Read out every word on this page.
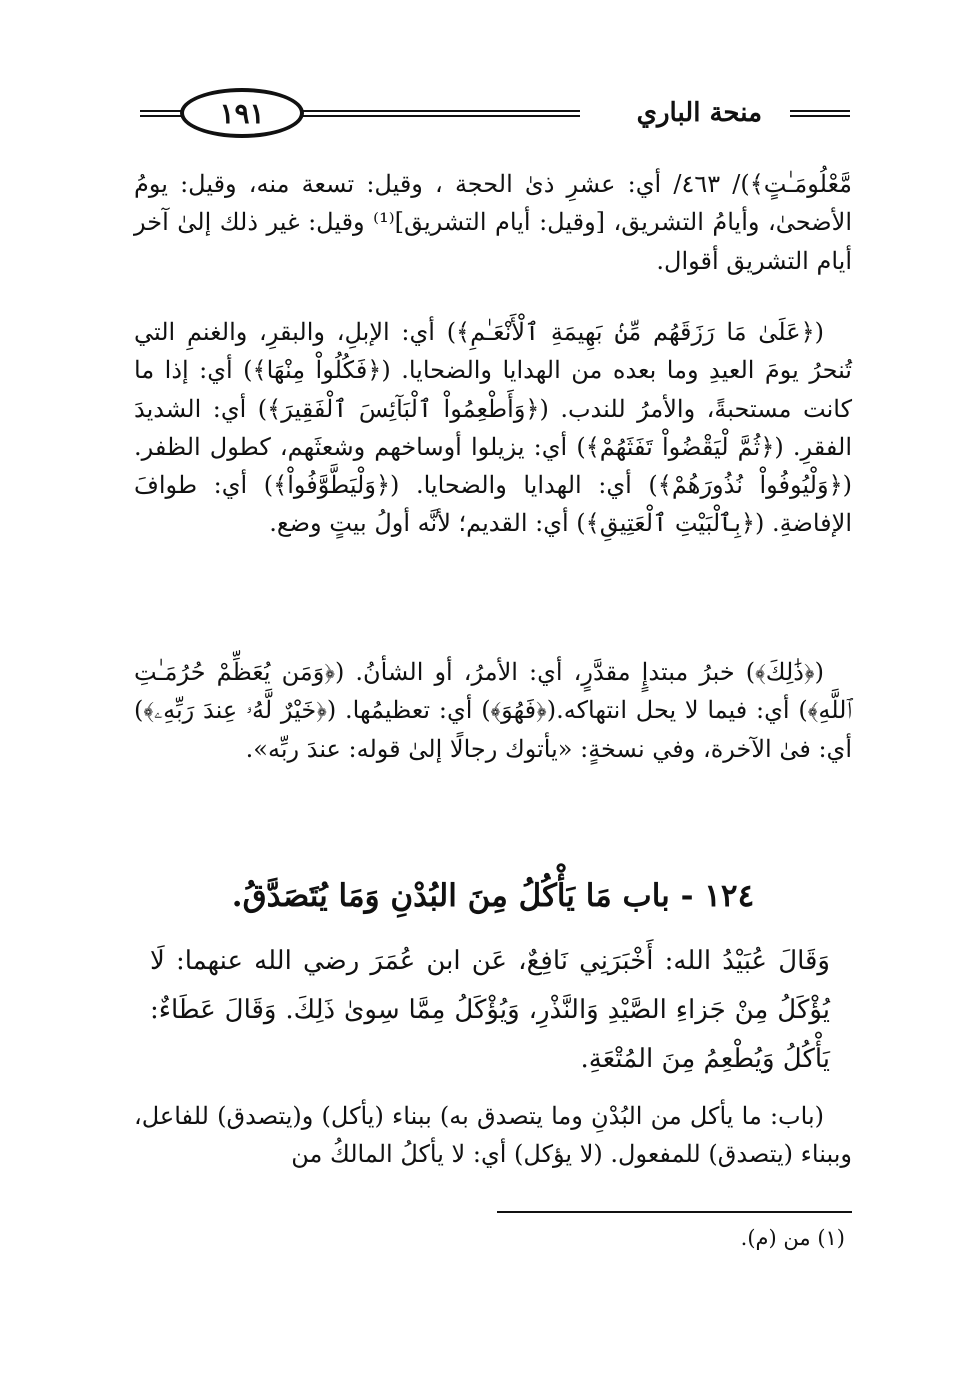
منحة الباري
١٩١

مَّعْلُومَـٰتٍ﴾)/ ٤٦٣/ أي: عشرِ ذىٰ الحجة ، وقيل: تسعة منه، وقيل: يومُ الأضحىٰ، وأيامُ التشريق، [وقيل: أيام التشريق]⁽¹⁾ وقيل: غير ذلك إلىٰ آخر أيام التشريق أقوال.

(﴿عَلَىٰ مَا رَزَقَهُم مِّنۢ بَهِيمَةِ ٱلْأَنْعَـٰمِ﴾) أي: الإبلِ، والبقرِ، والغنمِ التي تُنحرُ يومَ العيدِ وما بعده من الهدايا والضحايا. (﴿فَكُلُواْ مِنْهَا﴾) أي: إذا ما كانت مستحبةً، والأمرُ للندب. (﴿وَأَطْعِمُواْ ٱلْبَآئِسَ ٱلْفَقِيرَ﴾) أي: الشديدَ الفقرِ. (﴿ثُمَّ لْيَقْضُواْ تَفَثَهُمْ﴾) أي: يزيلوا أوساخهم وشعثَهم، كطول الظفر. (﴿وَلْيُوفُواْ نُذُورَهُمْ﴾) أي: الهدايا والضحايا. (﴿وَلْيَطَّوَّفُواْ﴾) أي: طوافَ الإفاضةِ. (﴿بِٱلْبَيْتِ ٱلْعَتِيقِ﴾) أي: القديم؛ لأنَّه أولُ بيتٍ وضع.

(﴿ذَٰلِكَ﴾) خبرُ مبتدإٍ مقدَّرٍ، أي: الأمرُ، أو الشأنُ. (﴿وَمَن يُعَظِّمْ حُرُمَـٰتِ ٱللَّهِ﴾) أي: فيما لا يحل انتهاكه.(﴿فَهُوَ﴾) أي: تعظيمُها. (﴿خَيْرٌ لَّهُۥ عِندَ رَبِّهِۦ﴾) أي: فىٰ الآخرة، وفي نسخةٍ: «يأتوك رجالًا إلىٰ قوله: عندَ ربِّه».

١٢٤ - باب مَا يَأْكُلُ مِنَ البُدْنِ وَمَا يُتَصَدَّقُ.
وَقَالَ عُبَيْدُ الله: أَخْبَرَنِي نَافِعٌ، عَن ابن عُمَرَ رضي الله عنهما: لَا يُؤْكَلُ مِنْ جَزاءِ الصَّيْدِ وَالنَّذْرِ، وَيُؤْكَلُ مِمَّا سِوىٰ ذَلِكَ. وَقَالَ عَطَاءٌ: يَأْكُلُ وَيُطْعِمُ مِنَ المُتْعَةِ.

(باب: ما يأكل من البُدْنِ وما يتصدق به) ببناء (يأكل) و(يتصدق) للفاعل، وببناء (يتصدق) للمفعول. (لا يؤكل) أي: لا يأكلُ المالكُ من

(١) من (م).
